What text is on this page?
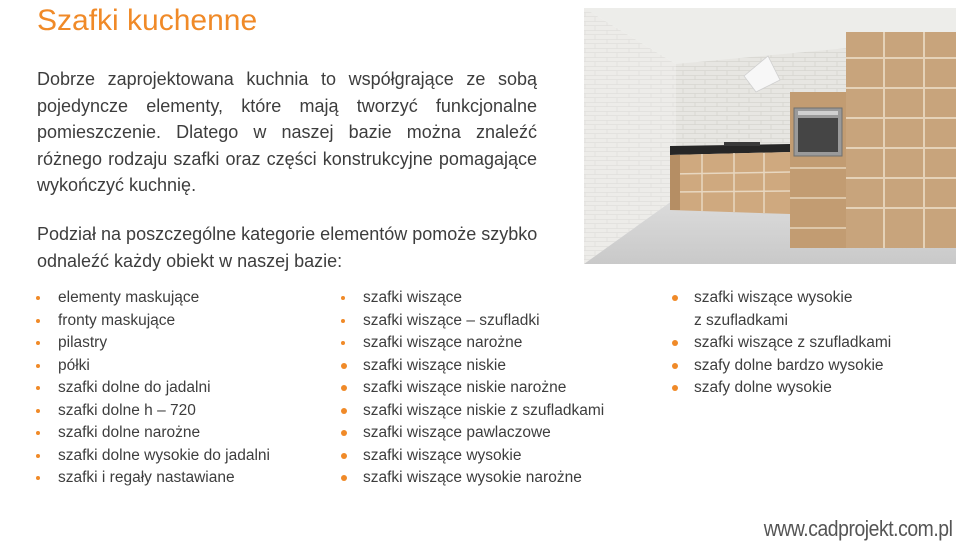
Szafki kuchenne

Dobrze zaprojektowana kuchnia to współgrające ze sobą pojedyncze elementy, które mają tworzyć funkcjonalne pomieszczenie. Dlatego w naszej bazie można znaleźć różnego rodzaju szafki oraz części konstrukcyjne pomagające wykończyć kuchnię.

Podział na poszczególne kategorie elementów pomoże szybko odnaleźć każdy obiekt w naszej bazie:

elementy maskujące
fronty maskujące
pilastry
półki
szafki dolne do jadalni
szafki dolne h – 720
szafki dolne narożne
szafki dolne wysokie do jadalni
szafki i regały nastawiane
szafki wiszące
szafki wiszące – szufladki
szafki wiszące narożne
szafki wiszące niskie
szafki wiszące niskie narożne
szafki wiszące niskie z szufladkami
szafki wiszące pawlaczowe
szafki wiszące wysokie
szafki wiszące wysokie narożne
szafki wiszące wysokie
z szufladkami
szafki wiszące z szufladkami
szafy dolne bardzo wysokie
szafy dolne wysokie
www.cadprojekt.com.pl
